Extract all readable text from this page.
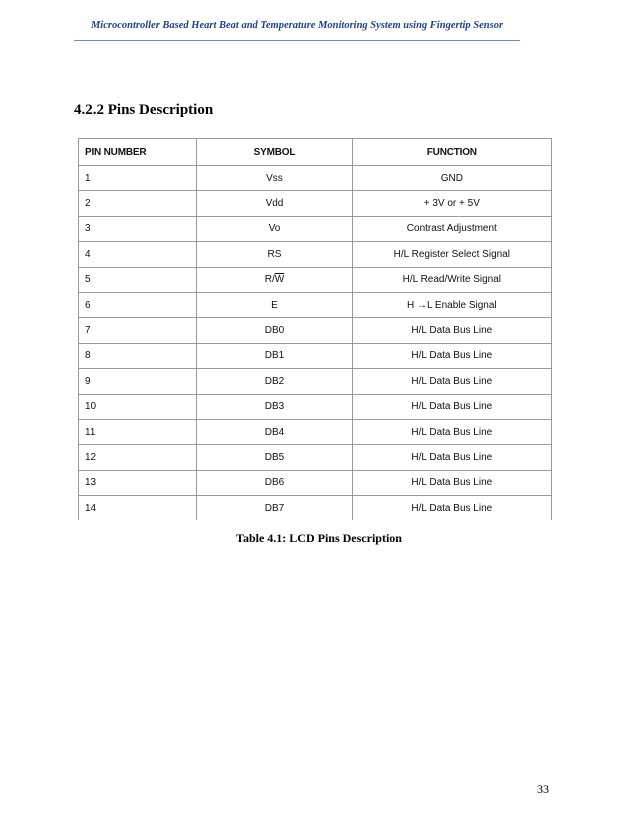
Microcontroller Based Heart Beat and Temperature Monitoring System using Fingertip Sensor
4.2.2 Pins Description
PIN NUMBER	SYMBOL	FUNCTION
1	Vss	GND
2	Vdd	+ 3V or + 5V
3	Vo	Contrast Adjustment
4	RS	H/L Register Select Signal
5	$R/\overline{W}$	H/L Read/Write Signal
6	E	H →L Enable Signal
7	DB0	H/L Data Bus Line
8	DB1	H/L Data Bus Line
9	DB2	H/L Data Bus Line
10	DB3	H/L Data Bus Line
11	DB4	H/L Data Bus Line
12	DB5	H/L Data Bus Line
13	DB6	H/L Data Bus Line
14	DB7	H/L Data Bus Line
Table 4.1: LCD Pins Description
33
